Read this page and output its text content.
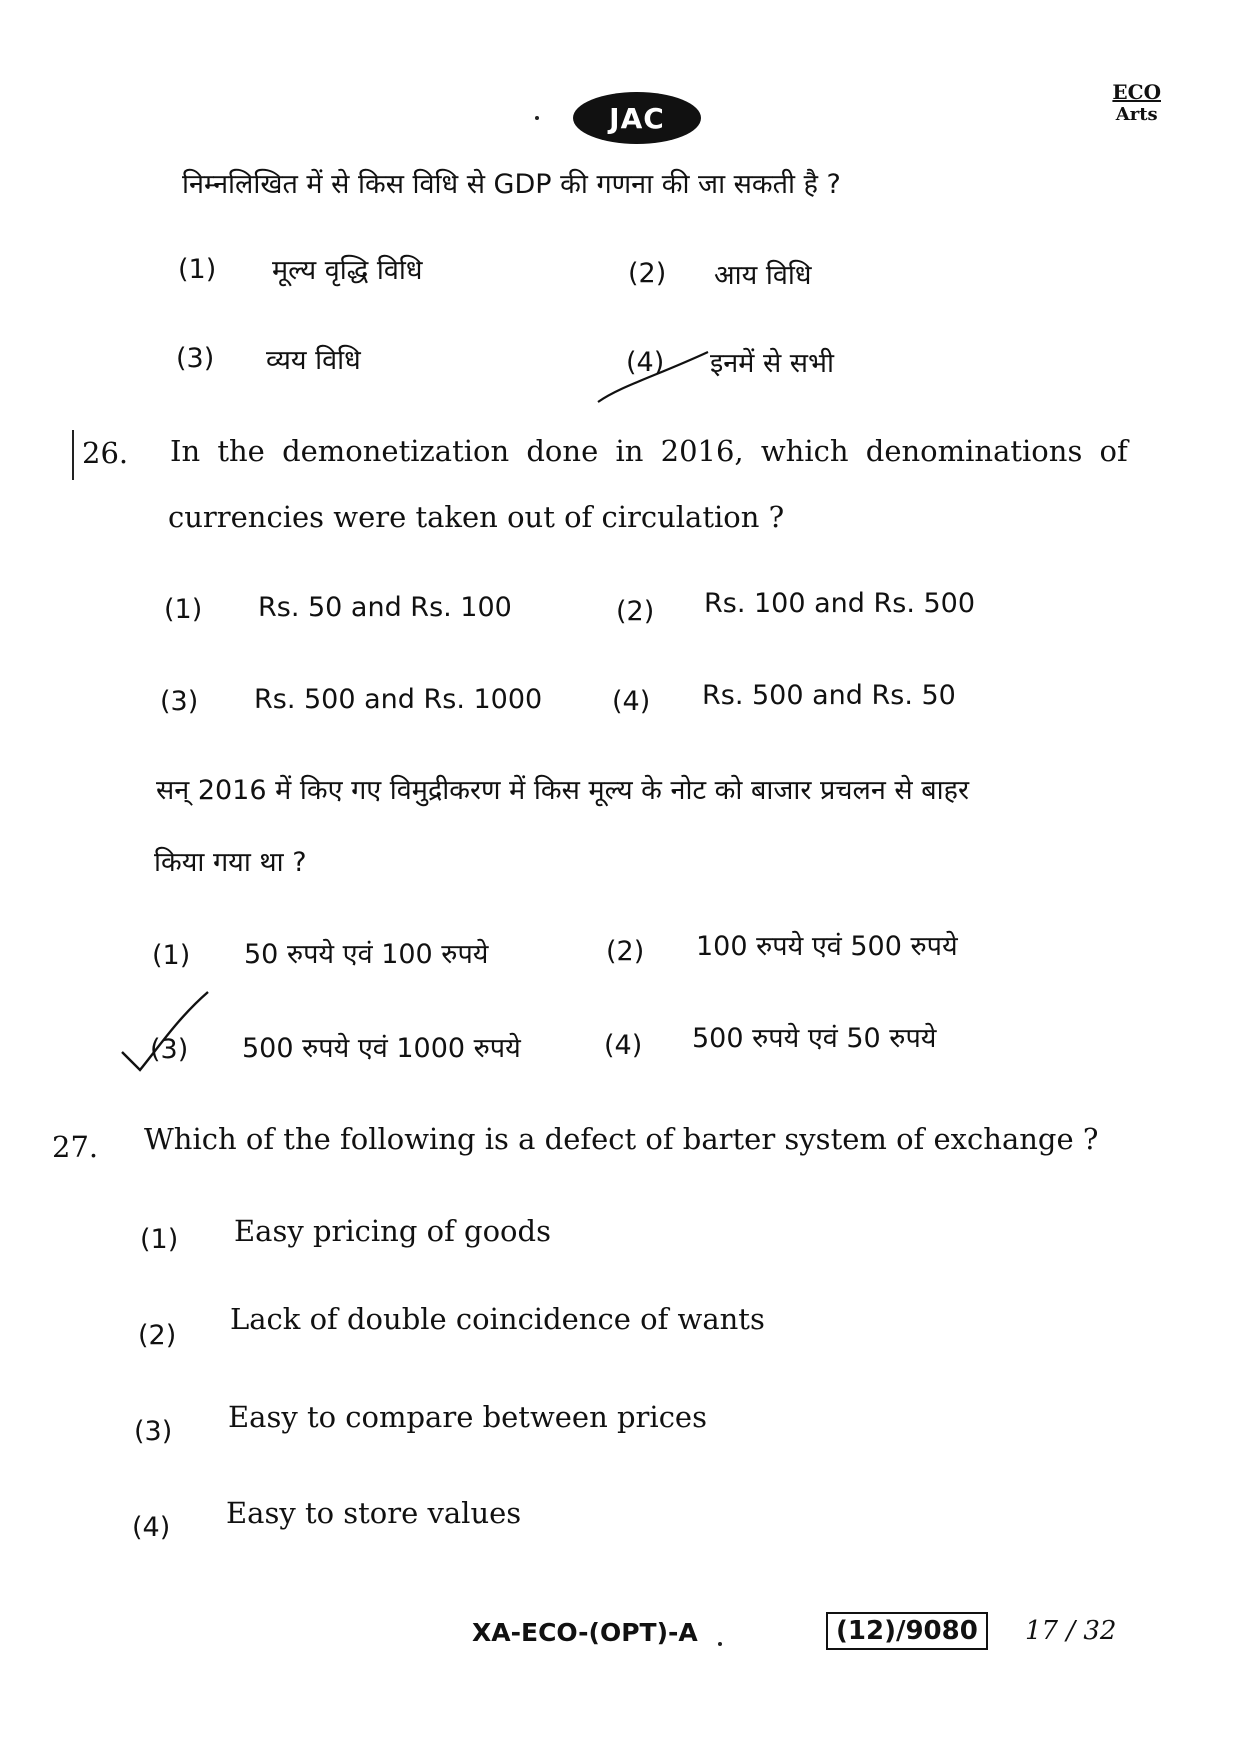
JAC
ECO
Arts
निम्नलिखित में से किस विधि से GDP की गणना की जा सकती है ?
(1) मूल्य वृद्धि विधि	(2) आय विधि
(3) व्यय विधि	(4) इनमें से सभी
26. In the demonetization done in 2016, which denominations of
currencies were taken out of circulation ?
(1) Rs. 50 and Rs. 100	(2) Rs. 100 and Rs. 500
(3) Rs. 500 and Rs. 1000	(4) Rs. 500 and Rs. 50
सन् 2016 में किए गए विमुद्रीकरण में किस मूल्य के नोट को बाजार प्रचलन से बाहर
किया गया था ?
(1) 50 रुपये एवं 100 रुपये	(2) 100 रुपये एवं 500 रुपये
(3) 500 रुपये एवं 1000 रुपये	(4) 500 रुपये एवं 50 रुपये
27. Which of the following is a defect of barter system of exchange ?
(1) Easy pricing of goods
(2) Lack of double coincidence of wants
(3) Easy to compare between prices
(4) Easy to store values
XA-ECO-(OPT)-A	(12)/9080	17 / 32
